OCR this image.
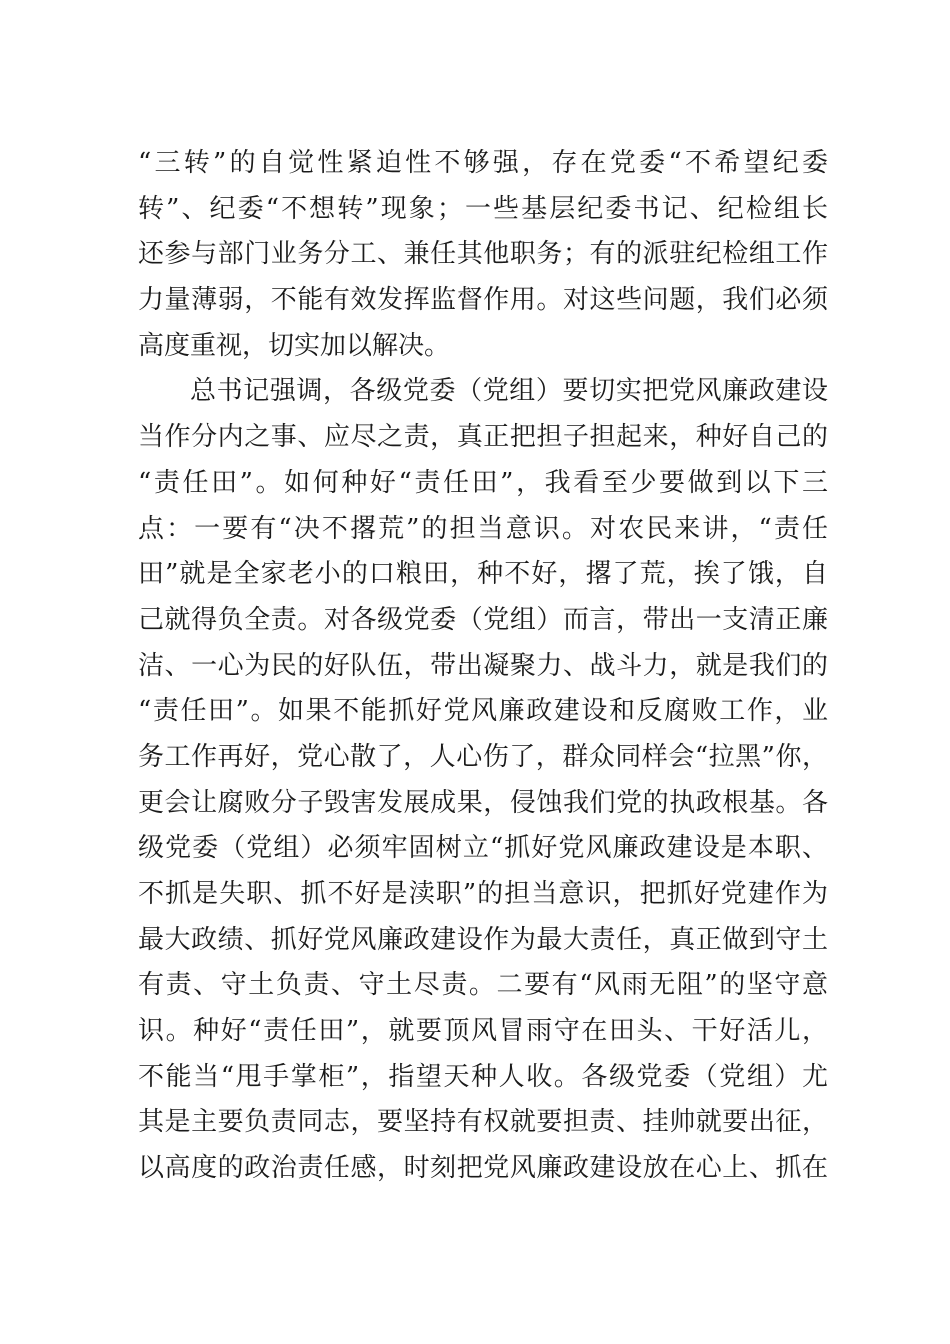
“三转”的自觉性紧迫性不够强，存在党委“不希望纪委
转”、纪委“不想转”现象；一些基层纪委书记、纪检组长
还参与部门业务分工、兼任其他职务；有的派驻纪检组工作
力量薄弱，不能有效发挥监督作用。对这些问题，我们必须
高度重视，切实加以解决。
总书记强调，各级党委（党组）要切实把党风廉政建设
当作分内之事、应尽之责，真正把担子担起来，种好自己的
“责任田”。如何种好“责任田”，我看至少要做到以下三
点：一要有“决不撂荒”的担当意识。对农民来讲，“责任
田”就是全家老小的口粮田，种不好，撂了荒，挨了饿，自
己就得负全责。对各级党委（党组）而言，带出一支清正廉
洁、一心为民的好队伍，带出凝聚力、战斗力，就是我们的
“责任田”。如果不能抓好党风廉政建设和反腐败工作，业
务工作再好，党心散了，人心伤了，群众同样会“拉黑”你，
更会让腐败分子毁害发展成果，侵蚀我们党的执政根基。各
级党委（党组）必须牢固树立“抓好党风廉政建设是本职、
不抓是失职、抓不好是渎职”的担当意识，把抓好党建作为
最大政绩、抓好党风廉政建设作为最大责任，真正做到守土
有责、守土负责、守土尽责。二要有“风雨无阻”的坚守意
识。种好“责任田”，就要顶风冒雨守在田头、干好活儿，
不能当“甩手掌柜”，指望天种人收。各级党委（党组）尤
其是主要负责同志，要坚持有权就要担责、挂帅就要出征，
以高度的政治责任感，时刻把党风廉政建设放在心上、抓在
